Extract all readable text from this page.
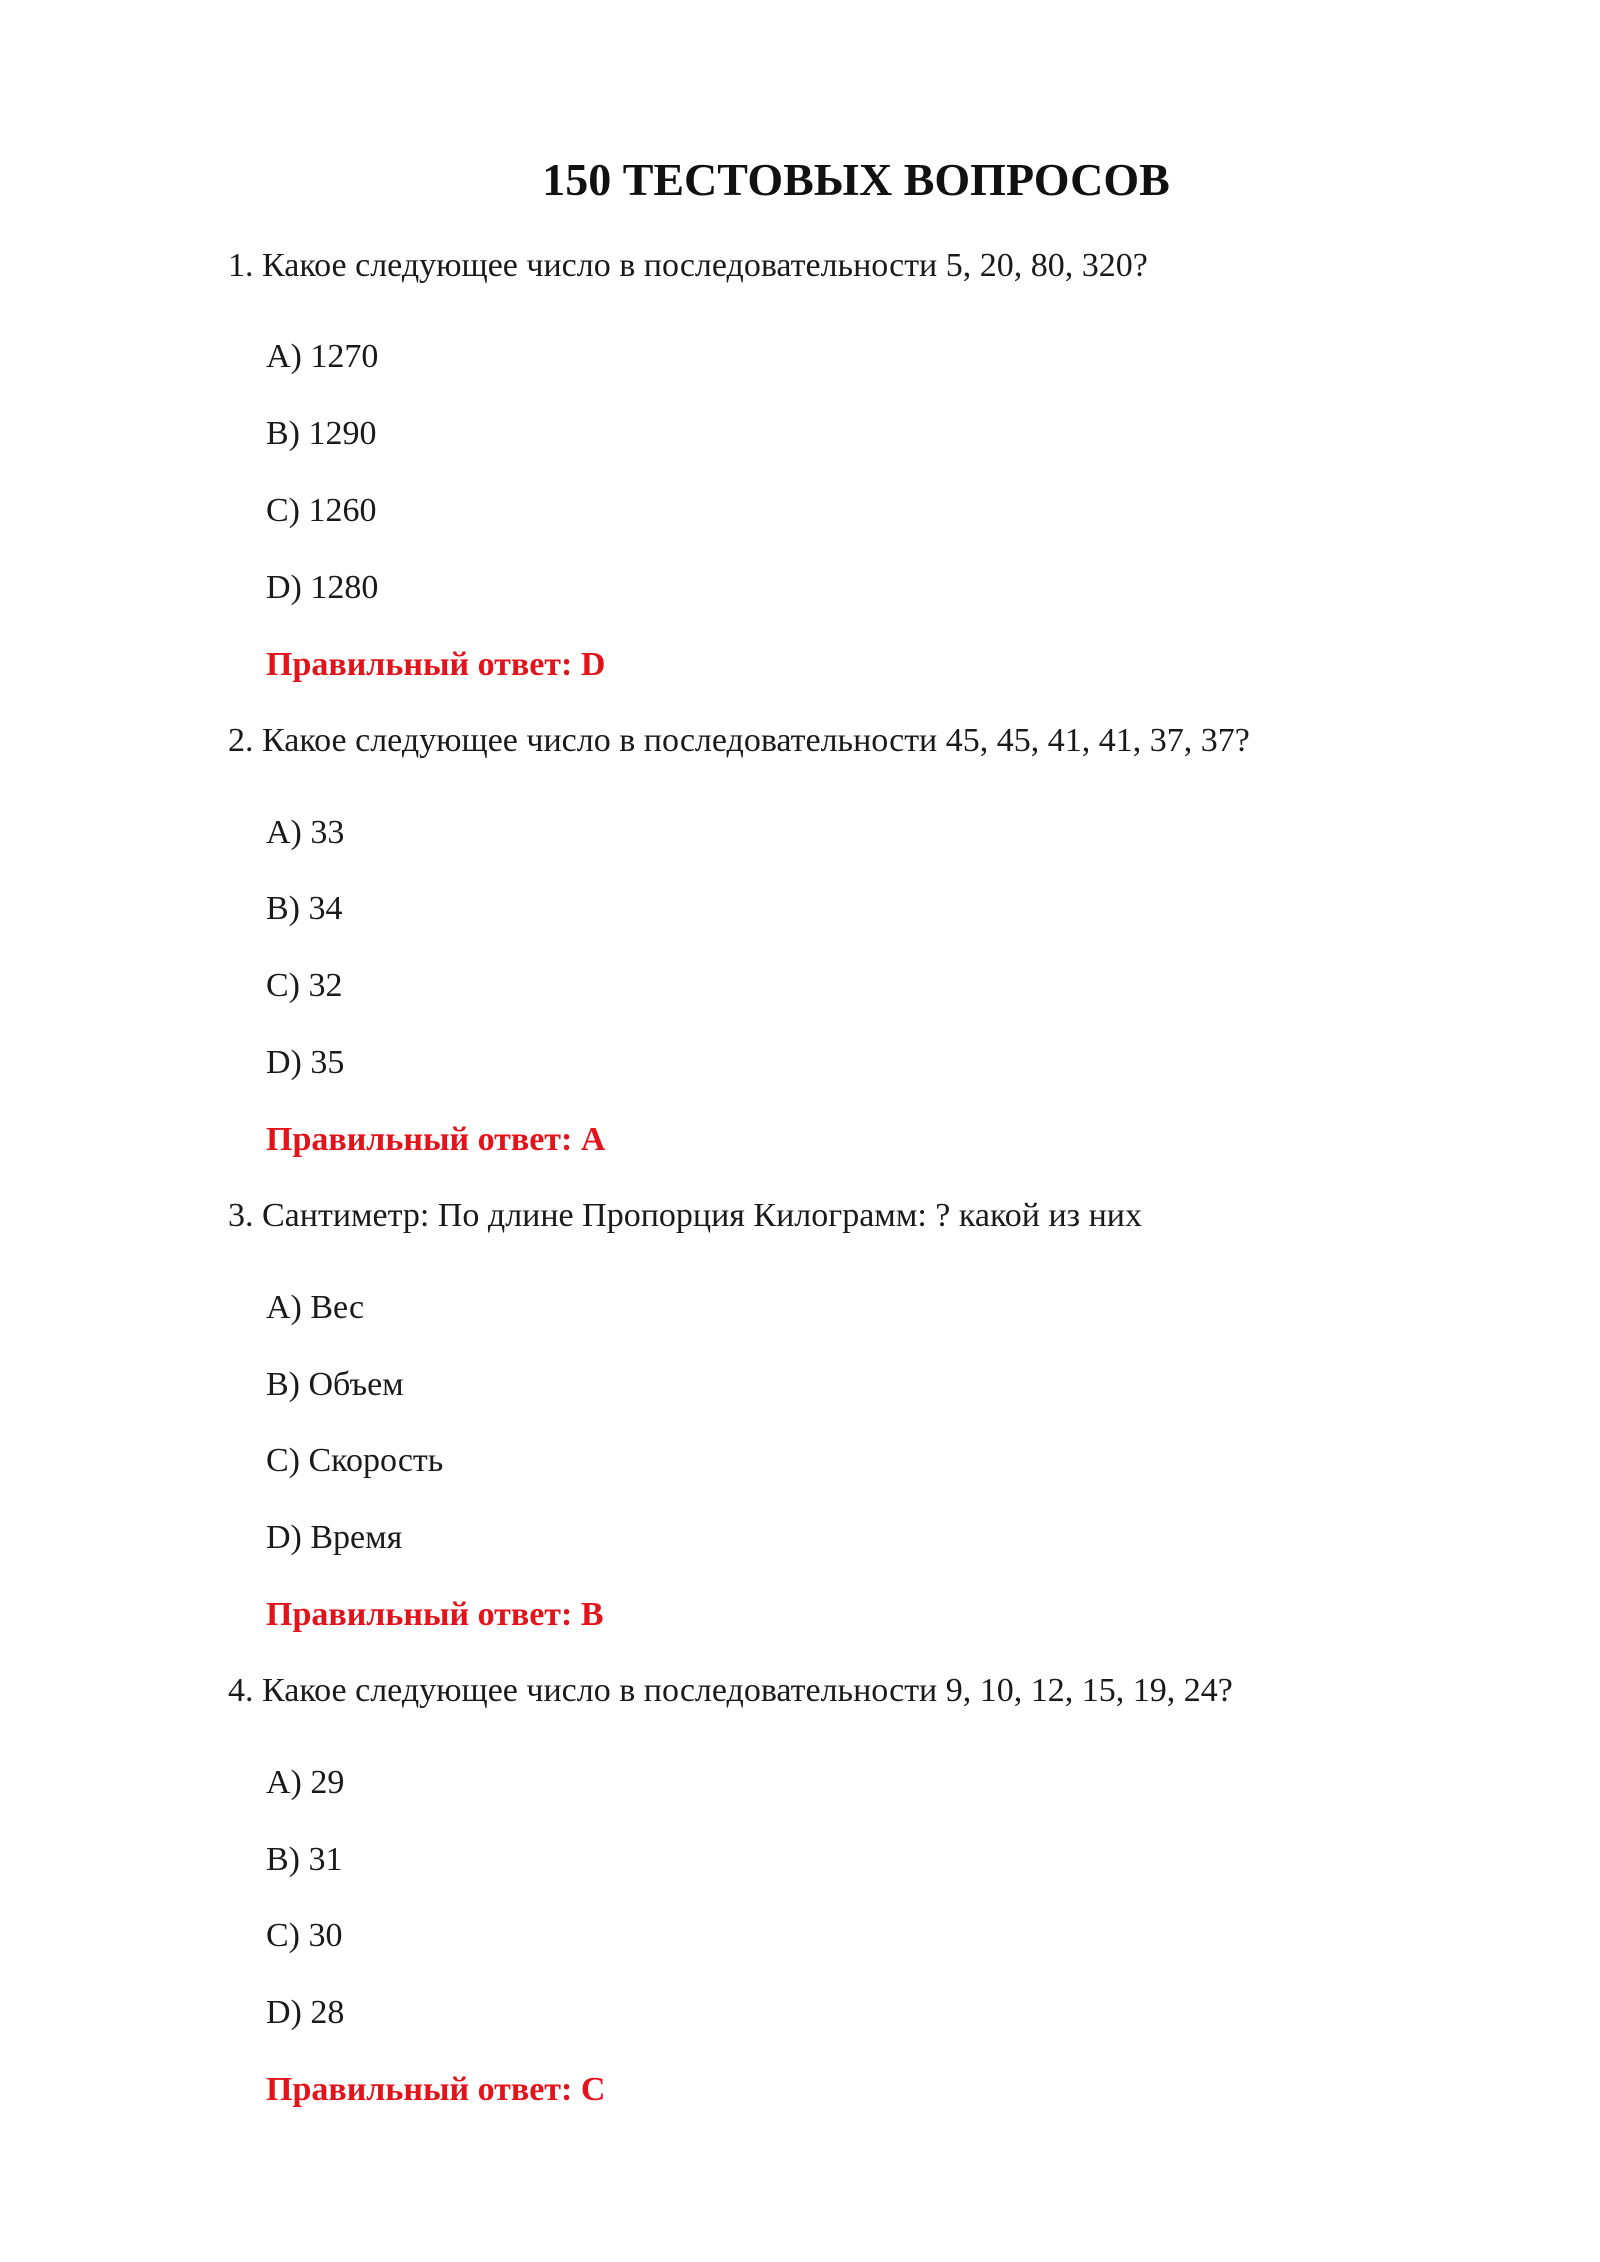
150 ТЕСТОВЫХ ВОПРОСОВ
1. Какое следующее число в последовательности 5, 20, 80, 320?
A) 1270
B) 1290
C) 1260
D) 1280
Правильный ответ: D
2. Какое следующее число в последовательности 45, 45, 41, 41, 37, 37?
A) 33
B) 34
C) 32
D) 35
Правильный ответ: A
3. Сантиметр: По длине Пропорция Килограмм: ? какой из них
A) Вес
B) Объем
C) Скорость
D) Время
Правильный ответ: B
4. Какое следующее число в последовательности 9, 10, 12, 15, 19, 24?
A) 29
B) 31
C) 30
D) 28
Правильный ответ: C
